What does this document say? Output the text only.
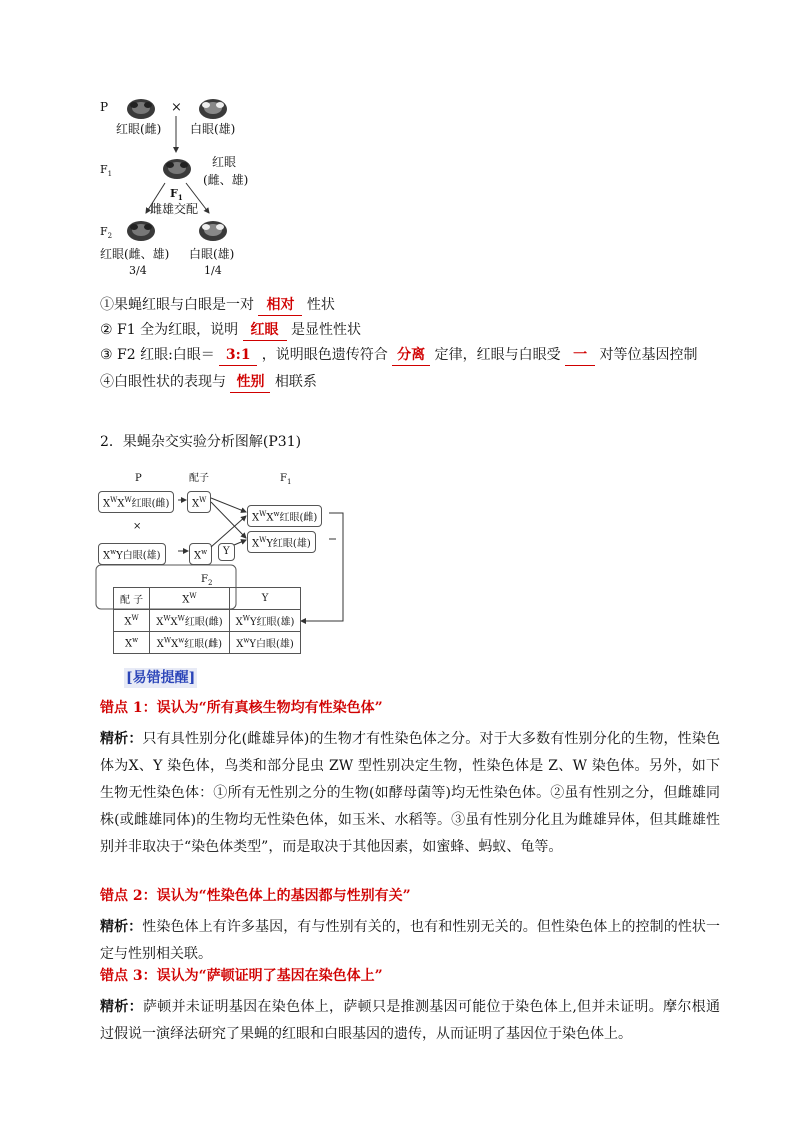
P	×
红眼(雌) 白眼(雄)
$F_1$
红眼
(雌、雄)
$F_1$
雌雄交配
$F_2$
红眼(雌、雄) 白眼(雄)
3/4	1/4
①果蝇红眼与白眼是一对 相对 性状
② F1 全为红眼，说明 红眼 是显性性状
③ F2 红眼:白眼＝ 3:1 ，说明眼色遗传符合 分离 定律，红眼与白眼受 一 对等位基因控制
④白眼性状的表现与 性别 相联系
2．果蝇杂交实验分析图解(P31)
P	配子	$F_1$
$X^WX^W$红眼(雌)
×
$X^wY$白眼(雄)
$X^W$
$X^w$	Y
$X^WX^w$红眼(雌)
$X^WY$红眼(雄)
$F_2$
配 子	$X^W$	Y
$X^W$	$X^WX^W$红眼(雌)	$X^WY$红眼(雄)
$X^w$	$X^WX^w$红眼(雌)	$X^wY$白眼(雄)
[易错提醒]
错点 1：误认为“所有真核生物均有性染色体”
精析：只有具性别分化(雌雄异体)的生物才有性染色体之分。对于大多数有性别分化的生物，性染色体为X、Y 染色体，鸟类和部分昆虫 ZW 型性别决定生物，性染色体是 Z、W 染色体。另外，如下生物无性染色体：①所有无性别之分的生物(如酵母菌等)均无性染色体。②虽有性别之分，但雌雄同株(或雌雄同体)的生物均无性染色体，如玉米、水稻等。③虽有性别分化且为雌雄异体，但其雌雄性别并非取决于“染色体类型”，而是取决于其他因素，如蜜蜂、蚂蚁、龟等。
错点 2：误认为“性染色体上的基因都与性别有关”
精析：性染色体上有许多基因，有与性别有关的，也有和性别无关的。但性染色体上的控制的性状一定与性别相关联。
错点 3：误认为“萨顿证明了基因在染色体上”
精析：萨顿并未证明基因在染色体上，萨顿只是推测基因可能位于染色体上,但并未证明。摩尔根通过假说一演绎法研究了果蝇的红眼和白眼基因的遗传，从而证明了基因位于染色体上。
